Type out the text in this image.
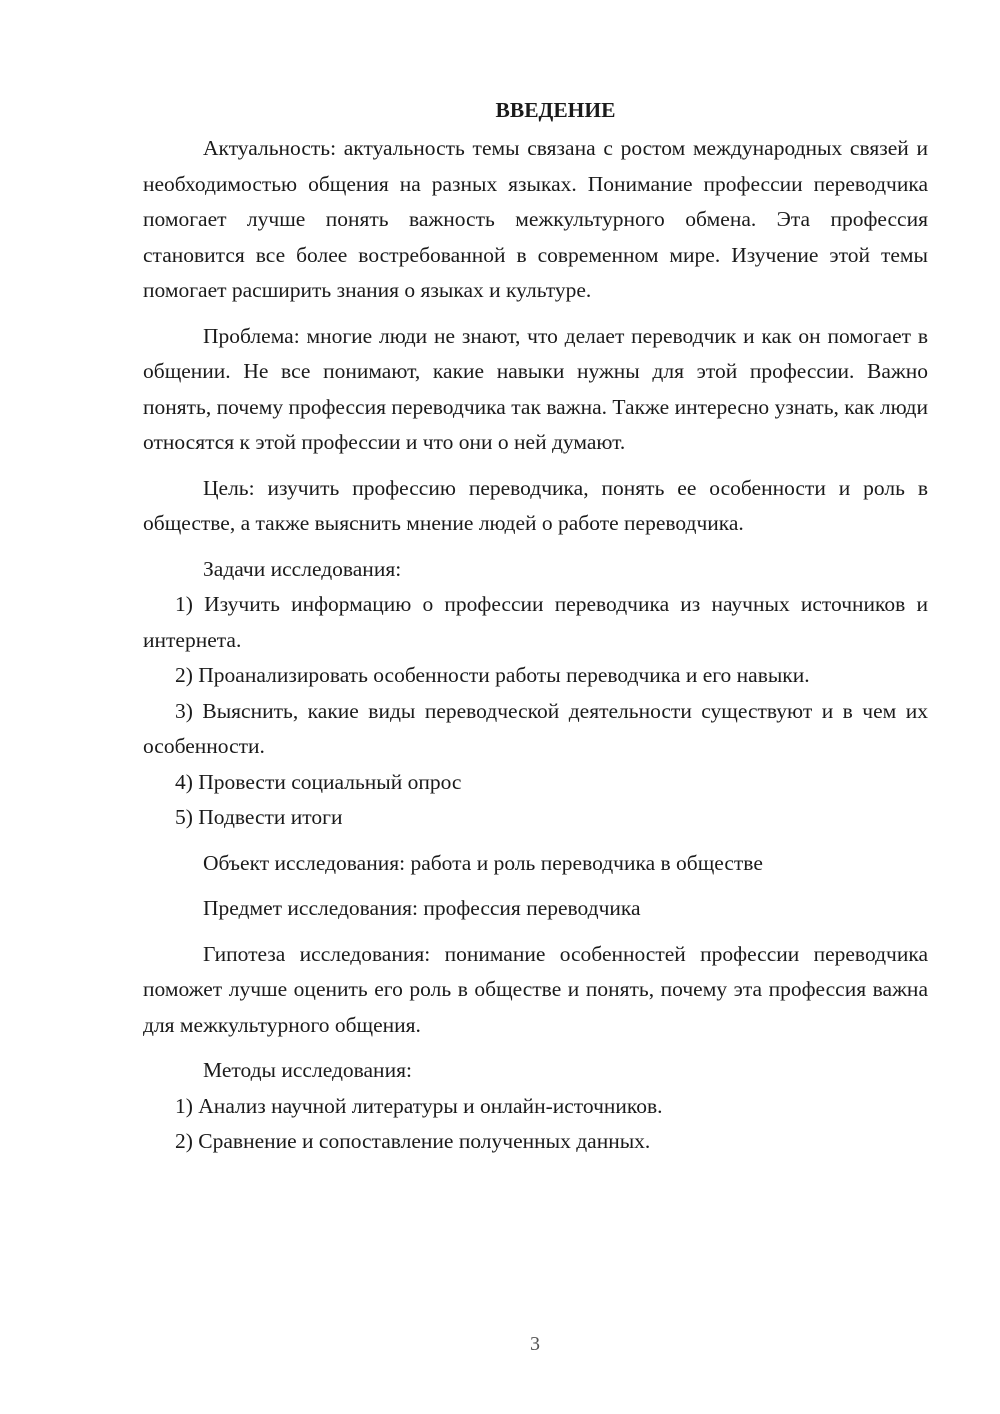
ВВЕДЕНИЕ

Актуальность: актуальность темы связана с ростом международных связей и необходимостью общения на разных языках. Понимание профессии переводчика помогает лучше понять важность межкультурного обмена. Эта профессия становится все более востребованной в современном мире. Изучение этой темы помогает расширить знания о языках и культуре.

Проблема: многие люди не знают, что делает переводчик и как он помогает в общении. Не все понимают, какие навыки нужны для этой профессии. Важно понять, почему профессия переводчика так важна. Также интересно узнать, как люди относятся к этой профессии и что они о ней думают.

Цель: изучить профессию переводчика, понять ее особенности и роль в обществе, а также выяснить мнение людей о работе переводчика.

Задачи исследования:

1) Изучить информацию о профессии переводчика из научных источников и интернета.

2) Проанализировать особенности работы переводчика и его навыки.

3) Выяснить, какие виды переводческой деятельности существуют и в чем их особенности.

4) Провести социальный опрос

5) Подвести итоги

Объект исследования: работа и роль переводчика в обществе

Предмет исследования: профессия переводчика

Гипотеза исследования: понимание особенностей профессии переводчика поможет лучше оценить его роль в обществе и понять, почему эта профессия важна для межкультурного общения.

Методы исследования:

1) Анализ научной литературы и онлайн-источников.

2) Сравнение и сопоставление полученных данных.

3
